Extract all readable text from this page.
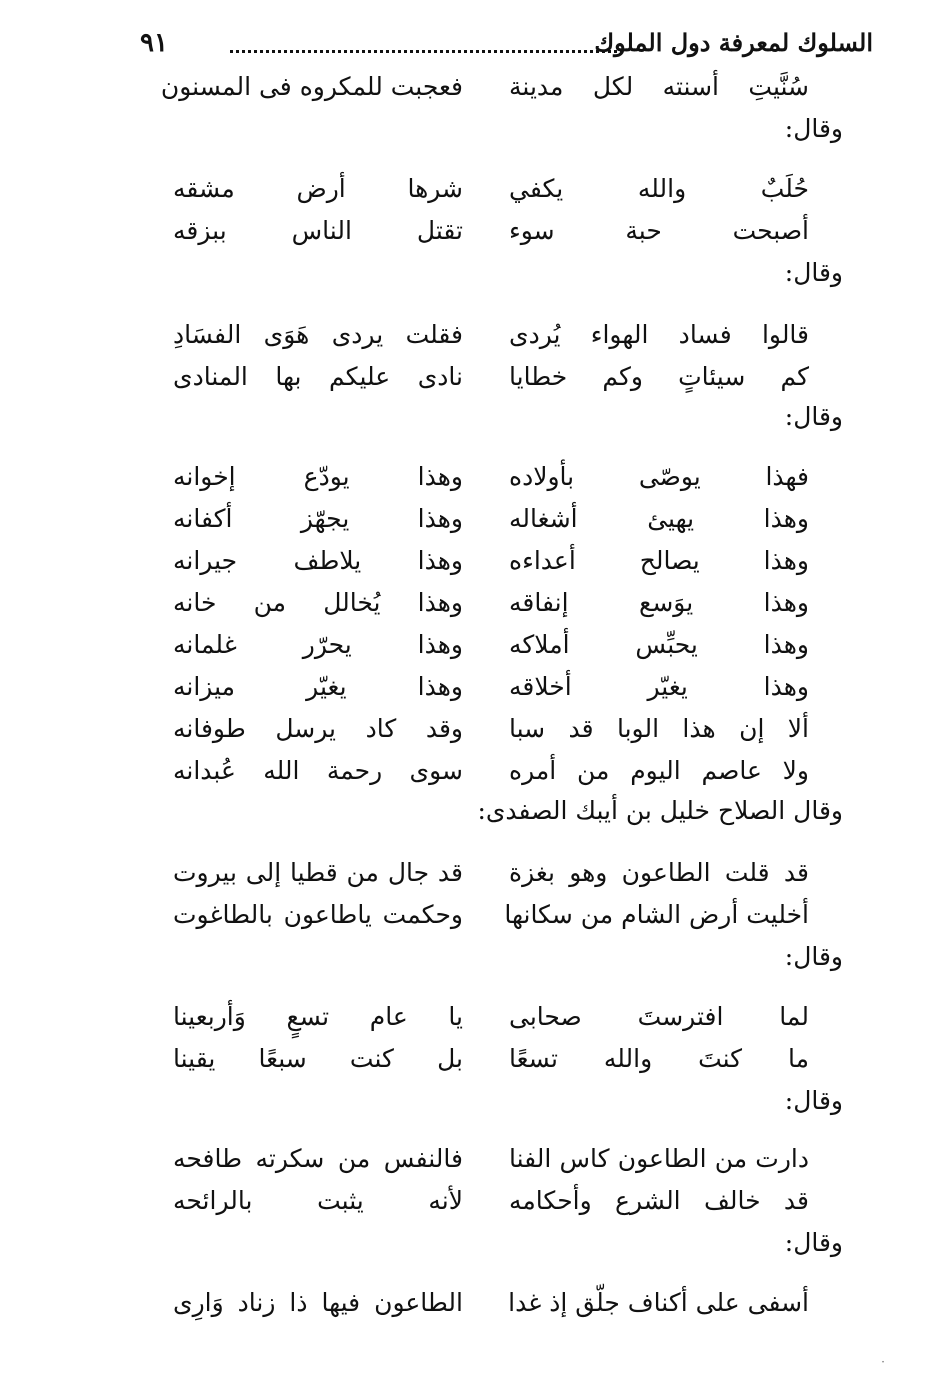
السلوك لمعرفة دول الملوك
٩١
سُنَّيتِ أسنته لكل مدينة
فعجبت للمكروه فى المسنون
وقال:
حُلَبٌ والله يكفي
شرها أرض مشقه
أصبحت حبة سوء
تقتل الناس ببزقه
وقال:
قالوا فساد الهواء يُردى
فقلت يردى هَوَى الفسَادِ
كم سيئاتٍ وكم خطايا
نادى عليكم بها المنادى
وقال:
فهذا يوصّى بأولاده
وهذا يودّع إخوانه
وهذا يهيئ أشغاله
وهذا يجهّز أكفانه
وهذا يصالح أعداءه
وهذا يلاطف جيرانه
وهذا يوَسع إنفاقه
وهذا يُخالل من خانه
وهذا يحبِّس أملاكه
وهذا يحرّر غلمانه
وهذا يغيّر أخلاقه
وهذا يغيّر ميزانه
ألا إن هذا الوبا قد سبا
وقد كاد يرسل طوفانه
ولا عاصم اليوم من أمره
سوى رحمة الله عُبدانه
وقال الصلاح خليل بن أيبك الصفدى:
قد قلت الطاعون وهو بغزة
قد جال من قطيا إلى بيروت
أخليت أرض الشام من سكانها
وحكمت ياطاعون بالطاغوت
وقال:
لما افترستَ صحابى
يا عام تسعٍ وَأربعينا
ما كنتَ والله تسعًا
بل كنت سبعًا يقينا
وقال:
دارت من الطاعون كاس الفنا
فالنفس من سكرته طافحه
قد خالف الشرع وأحكامه
لأنه يثبت بالرائحه
وقال:
أسفى على أكناف جلّق إذ غدا
الطاعون فيها ذا زناد وَارِى
·
